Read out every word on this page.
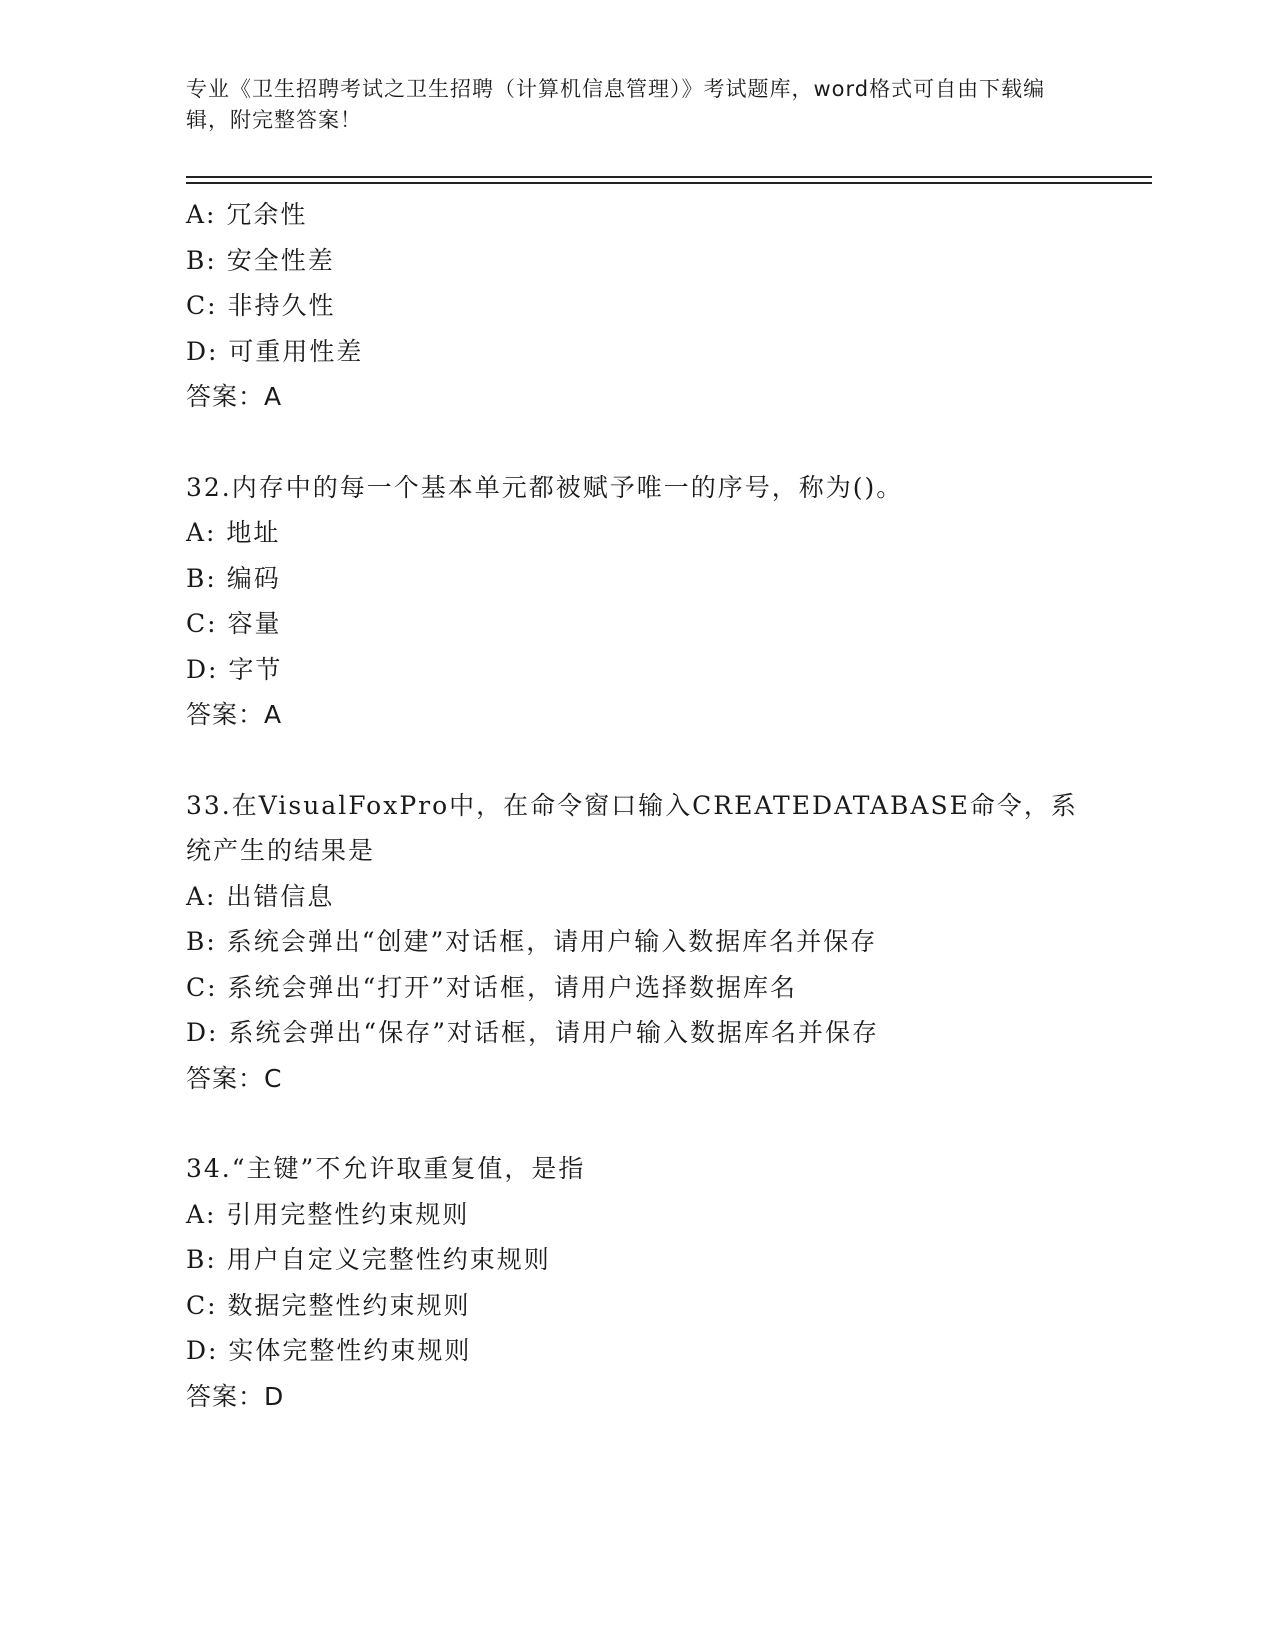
专业《卫生招聘考试之卫生招聘（计算机信息管理）》考试题库，word格式可自由下载编辑，附完整答案！
A: 冗余性
B: 安全性差
C: 非持久性
D: 可重用性差
答案：A
32.内存中的每一个基本单元都被赋予唯一的序号，称为()。
A: 地址
B: 编码
C: 容量
D: 字节
答案：A
33.在VisualFoxPro中，在命令窗口输入CREATEDATABASE命令，系统产生的结果是
A: 出错信息
B: 系统会弹出“创建”对话框，请用户输入数据库名并保存
C: 系统会弹出“打开”对话框，请用户选择数据库名
D: 系统会弹出“保存”对话框，请用户输入数据库名并保存
答案：C
34.“主键”不允许取重复值，是指
A: 引用完整性约束规则
B: 用户自定义完整性约束规则
C: 数据完整性约束规则
D: 实体完整性约束规则
答案：D
